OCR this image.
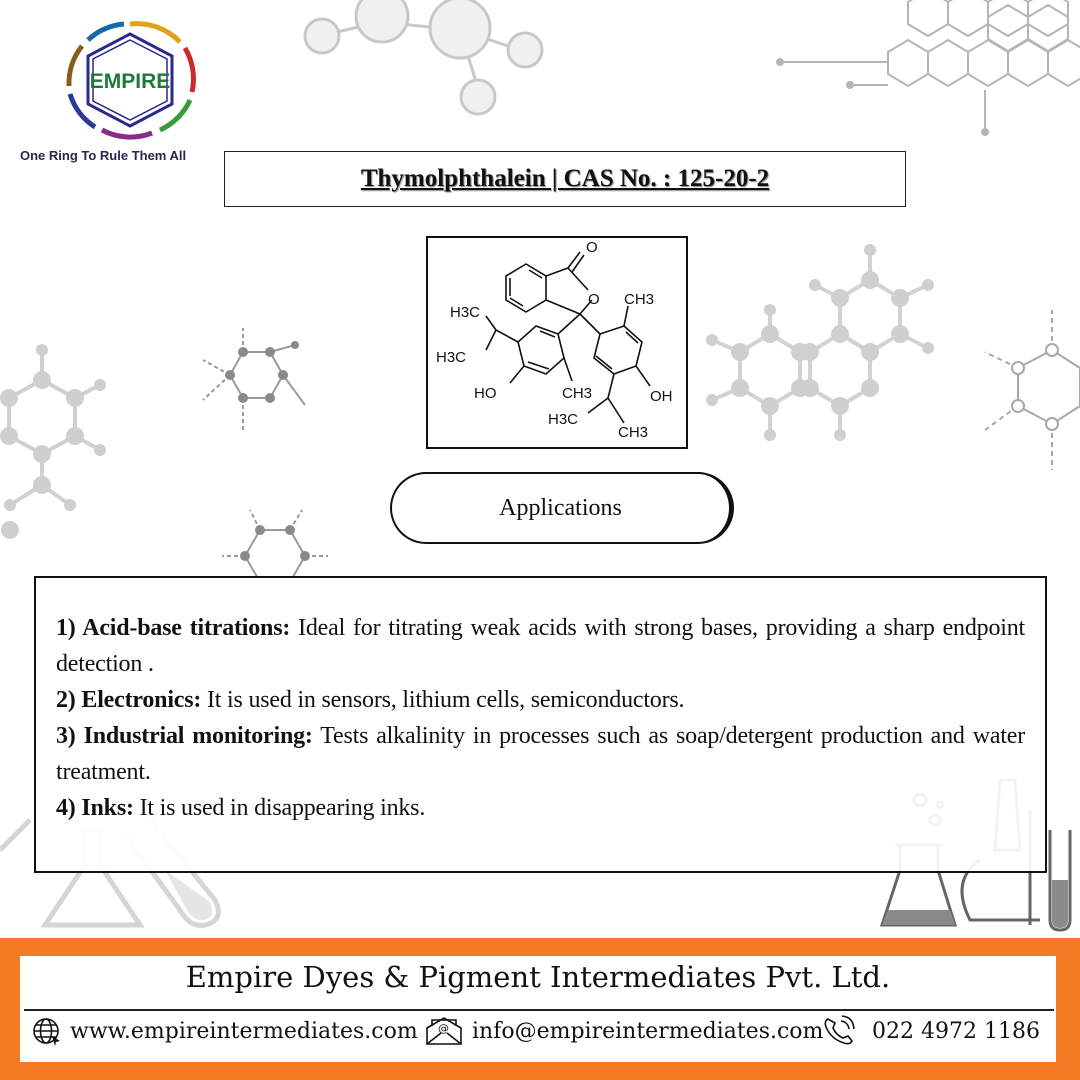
EMPIRE
One Ring To Rule Them All
Thymolphthalein | CAS No. : 125-20-2
O
O CH3
H3C
H3C
HO	CH3	OH
H3C
CH3
Applications

1) Acid-base titrations: Ideal for titrating weak acids with strong bases, providing a sharp endpoint detection .

2) Electronics: It is used in sensors, lithium cells, semiconductors.

3) Industrial monitoring: Tests alkalinity in processes such as soap/detergent production and water treatment.

4) Inks: It is used in disappearing inks.

Empire Dyes & Pigment Intermediates Pvt. Ltd.
www.empireintermediates.com @ info@empireintermediates.com 022 4972 1186
